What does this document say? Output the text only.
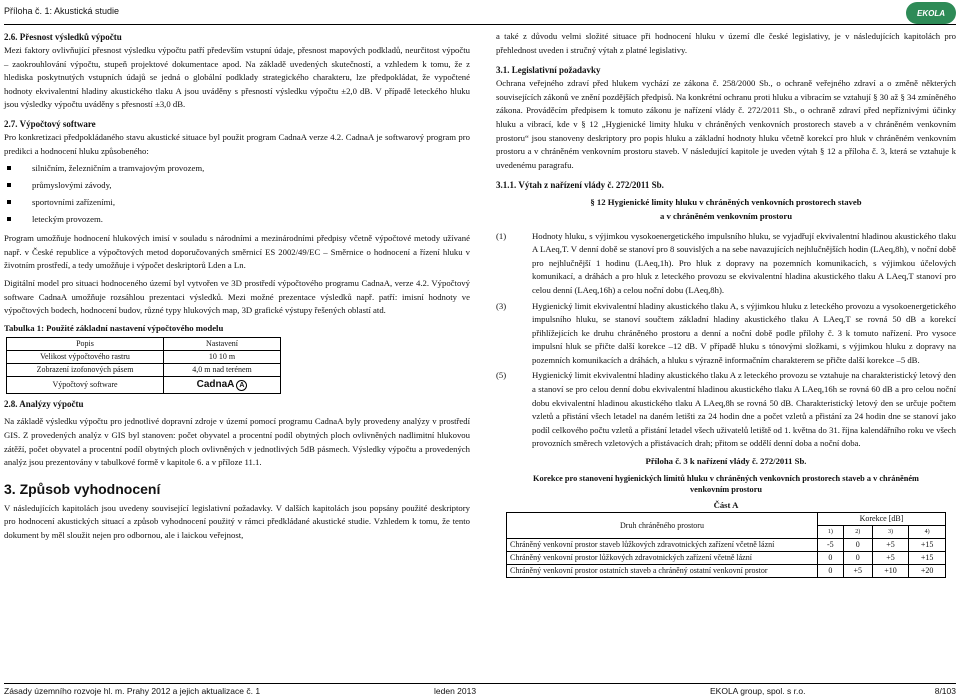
Příloha č. 1: Akustická studie	EKOLA
2.6. Přesnost výsledků výpočtu

Mezi faktory ovlivňující přesnost výsledku výpočtu patří především vstupní údaje, přesnost mapových podkladů, neurčitost výpočtu – zaokrouhlování výpočtu, stupeň projektové dokumentace apod. Na základě uvedených skutečností, a vzhledem k tomu, že z hlediska poskytnutých vstupních údajů se jedná o globální podklady strategického charakteru, lze předpokládat, že vypočtené hodnoty ekvivalentní hladiny akustického tlaku A jsou uváděny s přesností výsledku výpočtu ±2,0 dB. V případě leteckého hluku jsou výsledky výpočtu uváděny s přesností ±3,0 dB.

2.7. Výpočtový software

Pro konkretizaci předpokládaného stavu akustické situace byl použit program CadnaA verze 4.2. CadnaA je softwarový program pro predikci a hodnocení hluku způsobeného:

silničním, železničním a tramvajovým provozem,
průmyslovými závody,
sportovními zařízeními,
leteckým provozem.

Program umožňuje hodnocení hlukových imisí v souladu s národními a mezinárodními předpisy včetně výpočtové metody užívané např. v České republice a výpočtových metod doporučovaných směrnicí ES 2002/49/EC – Směrnice o hodnocení a řízení hluku v životním prostředí, a tedy umožňuje i výpočet deskriptorů Lden a Ln.

Digitální model pro situaci hodnoceného území byl vytvořen ve 3D prostředí výpočtového programu CadnaA, verze 4.2. Výpočtový software CadnaA umožňuje rozsáhlou prezentaci výsledků. Mezi možné prezentace výsledků např. patří: imisní hodnoty ve výpočtových bodech, hodnocení budov, různé typy hlukových map, 3D grafické výstupy řešených oblastí atd.

Tabulka 1: Použité základní nastavení výpočtového modelu
Popis	Nastavení
Velikost výpočtového rastru	10 10 m
Zobrazení izofonových pásem	4,0 m nad terénem
Výpočtový software	CadnaA A
2.8. Analýzy výpočtu

Na základě výsledku výpočtu pro jednotlivé dopravní zdroje v území pomocí programu CadnaA byly provedeny analýzy v prostředí GIS. Z provedených analýz v GIS byl stanoven: počet obyvatel a procentní podíl obytných ploch ovlivněných nadlimitní hlukovou zátěží, počet obyvatel a procentní podíl obytných ploch ovlivněných v jednotlivých 5dB pásmech. Výsledky výpočtu a provedených analýz jsou prezentovány v tabulkové formě v kapitole 6. a v příloze 11.1.

3. Způsob vyhodnocení

V následujících kapitolách jsou uvedeny související legislativní požadavky. V dalších kapitolách jsou popsány použité deskriptory pro hodnocení akustických situací a způsob vyhodnocení použitý v rámci předkládané akustické studie. Vzhledem k tomu, že tento dokument by měl sloužit nejen pro odbornou, ale i laickou veřejnost,

a také z důvodu velmi složité situace při hodnocení hluku v území dle české legislativy, je v následujících kapitolách pro přehlednost uveden i stručný výtah z platné legislativy.

3.1. Legislativní požadavky

Ochrana veřejného zdraví před hlukem vychází ze zákona č. 258/2000 Sb., o ochraně veřejného zdraví a o změně některých souvisejících zákonů ve znění pozdějších předpisů. Na konkrétní ochranu proti hluku a vibracím se vztahují § 30 až § 34 zmíněného zákona. Prováděcím předpisem k tomuto zákonu je nařízení vlády č. 272/2011 Sb., o ochraně zdraví před nepříznivými účinky hluku a vibrací, kde v § 12 „Hygienické limity hluku v chráněných venkovních prostorech staveb a v chráněném venkovním prostoru“ jsou stanoveny deskriptory pro popis hluku a základní hodnoty hluku včetně korekcí pro hluk v chráněném venkovním prostoru a v chráněném venkovním prostoru staveb. V následující kapitole je uveden výtah § 12 a příloha č. 3, která se vztahuje k uvedenému paragrafu.

3.1.1. Výtah z nařízení vlády č. 272/2011 Sb.
§ 12 Hygienické limity hluku v chráněných venkovních prostorech staveb
a v chráněném venkovním prostoru
(1)	Hodnoty hluku, s výjimkou vysokoenergetického impulsního hluku, se vyjadřují ekvivalentní hladinou akustického tlaku A LAeq,T. V denní době se stanoví pro 8 souvislých a na sebe navazujících nejhlučnějších hodin (LAeq,8h), v noční době pro nejhlučnější 1 hodinu (LAeq,1h). Pro hluk z dopravy na pozemních komunikacích, s výjimkou účelových komunikací, a dráhách a pro hluk z leteckého provozu se ekvivalentní hladina akustického tlaku A LAeq,T stanoví pro celou denní (LAeq,16h) a celou noční dobu (LAeq,8h).
(3)	Hygienický limit ekvivalentní hladiny akustického tlaku A, s výjimkou hluku z leteckého provozu a vysokoenergetického impulsního hluku, se stanoví součtem základní hladiny akustického tlaku A LAeq,T se rovná 50 dB a korekcí přihlížejících ke druhu chráněného prostoru a denní a noční době podle přílohy č. 3 k tomuto nařízení. Pro vysoce impulsní hluk se přičte další korekce –12 dB. V případě hluku s tónovými složkami, s výjimkou hluku z dopravy na pozemních komunikacích a dráhách, a hluku s výrazně informačním charakterem se přičte další korekce –5 dB.
(5)	Hygienický limit ekvivalentní hladiny akustického tlaku A z leteckého provozu se vztahuje na charakteristický letový den a stanoví se pro celou denní dobu ekvivalentní hladinou akustického tlaku A LAeq,16h se rovná 60 dB a pro celou noční dobu ekvivalentní hladinou akustického tlaku A LAeq,8h se rovná 50 dB. Charakteristický letový den se určuje počtem vzletů a přistání všech letadel na daném letišti za 24 hodin dne a počet vzletů a přistání za 24 hodin dne se stanoví jako podíl celkového počtu vzletů a přistání letadel všech uživatelů letiště od 1. května do 31. října kalendářního roku ve všech provozních směrech vzletových a přistávacích drah; přitom se oddělí denní doba a noční doba.
Příloha č. 3 k nařízení vlády č. 272/2011 Sb.
Korekce pro stanovení hygienických limitů hluku v chráněných venkovních prostorech staveb a v chráněném
venkovním prostoru
Část A
Druh chráněného prostoru	Korekce [dB]			
	1)	2)	3)	4)
Chráněný venkovní prostor staveb lůžkových zdravotnických zařízení včetně lázní	-5	0	+5	+15
Chráněný venkovní prostor lůžkových zdravotnických zařízení včetně lázní	0	0	+5	+15
Chráněný venkovní prostor ostatních staveb a chráněný ostatní venkovní prostor	0	+5	+10	+20
Zásady územního rozvoje hl. m. Prahy 2012 a jejich aktualizace č. 1	leden 2013	EKOLA group, spol. s r.o.	8/103
